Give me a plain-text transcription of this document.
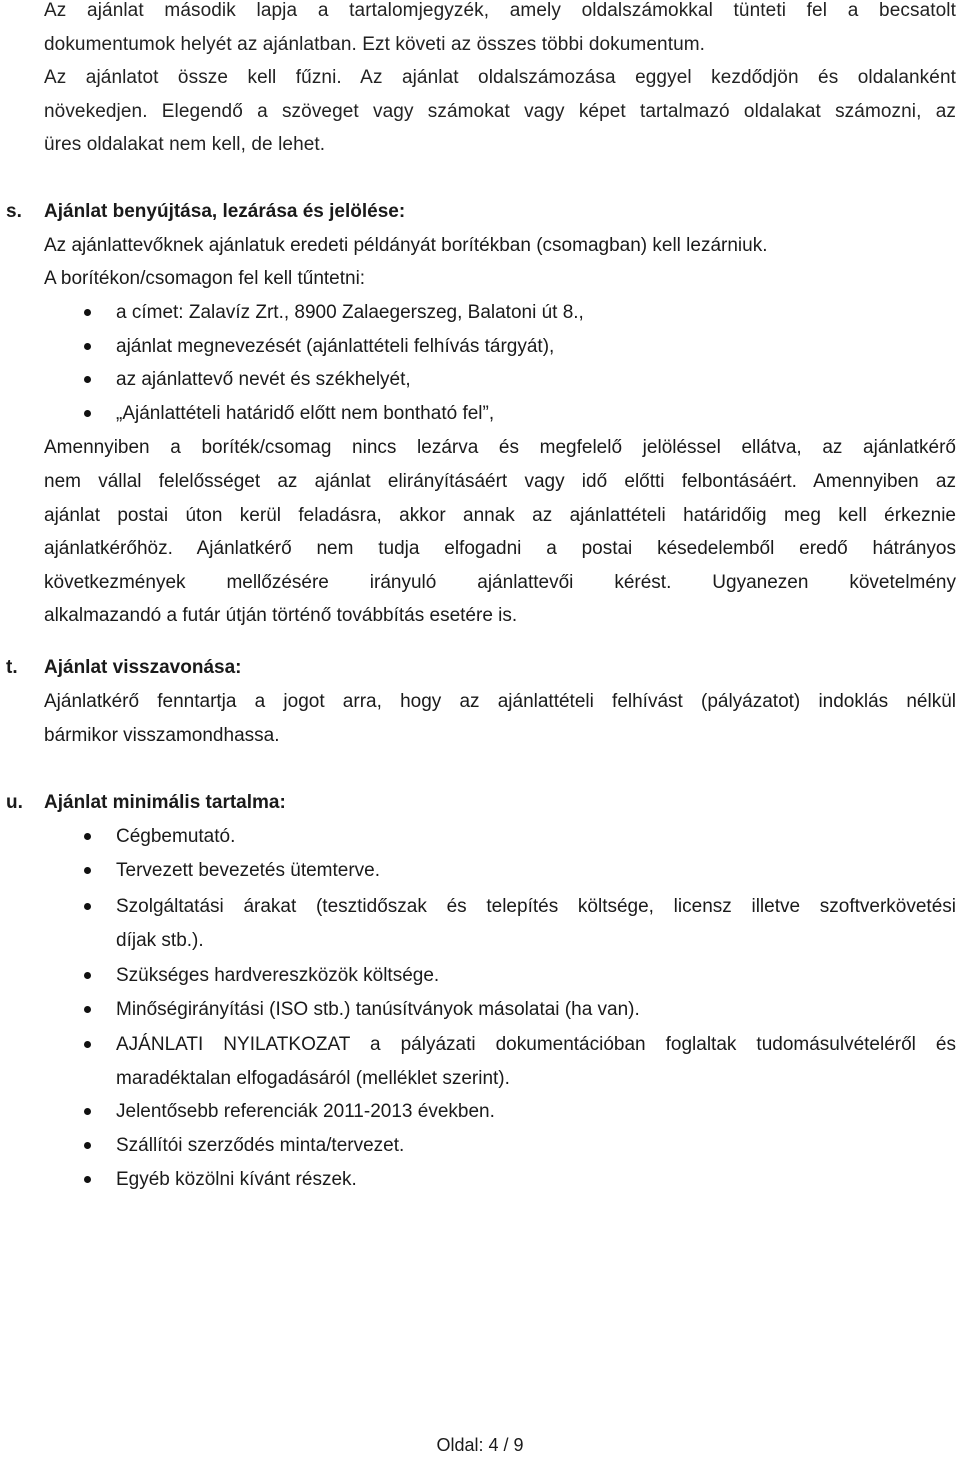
Az ajánlat második lapja a tartalomjegyzék, amely oldalszámokkal tünteti fel a becsatolt
dokumentumok helyét az ajánlatban. Ezt követi az összes többi dokumentum.
Az ajánlatot össze kell fűzni. Az ajánlat oldalszámozása eggyel kezdődjön és oldalanként
növekedjen. Elegendő a szöveget vagy számokat vagy képet tartalmazó oldalakat számozni, az
üres oldalakat nem kell, de lehet.
s. Ajánlat benyújtása, lezárása és jelölése:
Az ajánlattevőknek ajánlatuk eredeti példányát borítékban (csomagban) kell lezárniuk.
A borítékon/csomagon fel kell tűntetni:
a címet: Zalavíz Zrt., 8900 Zalaegerszeg, Balatoni út 8.,
ajánlat megnevezését (ajánlattételi felhívás tárgyát),
az ajánlattevő nevét és székhelyét,
„Ajánlattételi határidő előtt nem bontható fel”,
Amennyiben a boríték/csomag nincs lezárva és megfelelő jelöléssel ellátva, az ajánlatkérő
nem vállal felelősséget az ajánlat elirányításáért vagy idő előtti felbontásáért. Amennyiben az
ajánlat postai úton kerül feladásra, akkor annak az ajánlattételi határidőig meg kell érkeznie
ajánlatkérőhöz. Ajánlatkérő nem tudja elfogadni a postai késedelemből eredő hátrányos
következmények mellőzésére irányuló ajánlattevői kérést. Ugyanezen követelmény
alkalmazandó a futár útján történő továbbítás esetére is.
t. Ajánlat visszavonása:
Ajánlatkérő fenntartja a jogot arra, hogy az ajánlattételi felhívást (pályázatot) indoklás nélkül
bármikor visszamondhassa.
u. Ajánlat minimális tartalma:
Cégbemutató.
Tervezett bevezetés ütemterve.
Szolgáltatási árakat (tesztidőszak és telepítés költsége, licensz illetve szoftverkövetési
díjak stb.).
Szükséges hardvereszközök költsége.
Minőségirányítási (ISO stb.) tanúsítványok másolatai (ha van).
AJÁNLATI NYILATKOZAT a pályázati dokumentációban foglaltak tudomásulvételéről és
maradéktalan elfogadásáról (melléklet szerint).
Jelentősebb referenciák 2011-2013 években.
Szállítói szerződés minta/tervezet.
Egyéb közölni kívánt részek.
Oldal: 4 / 9
